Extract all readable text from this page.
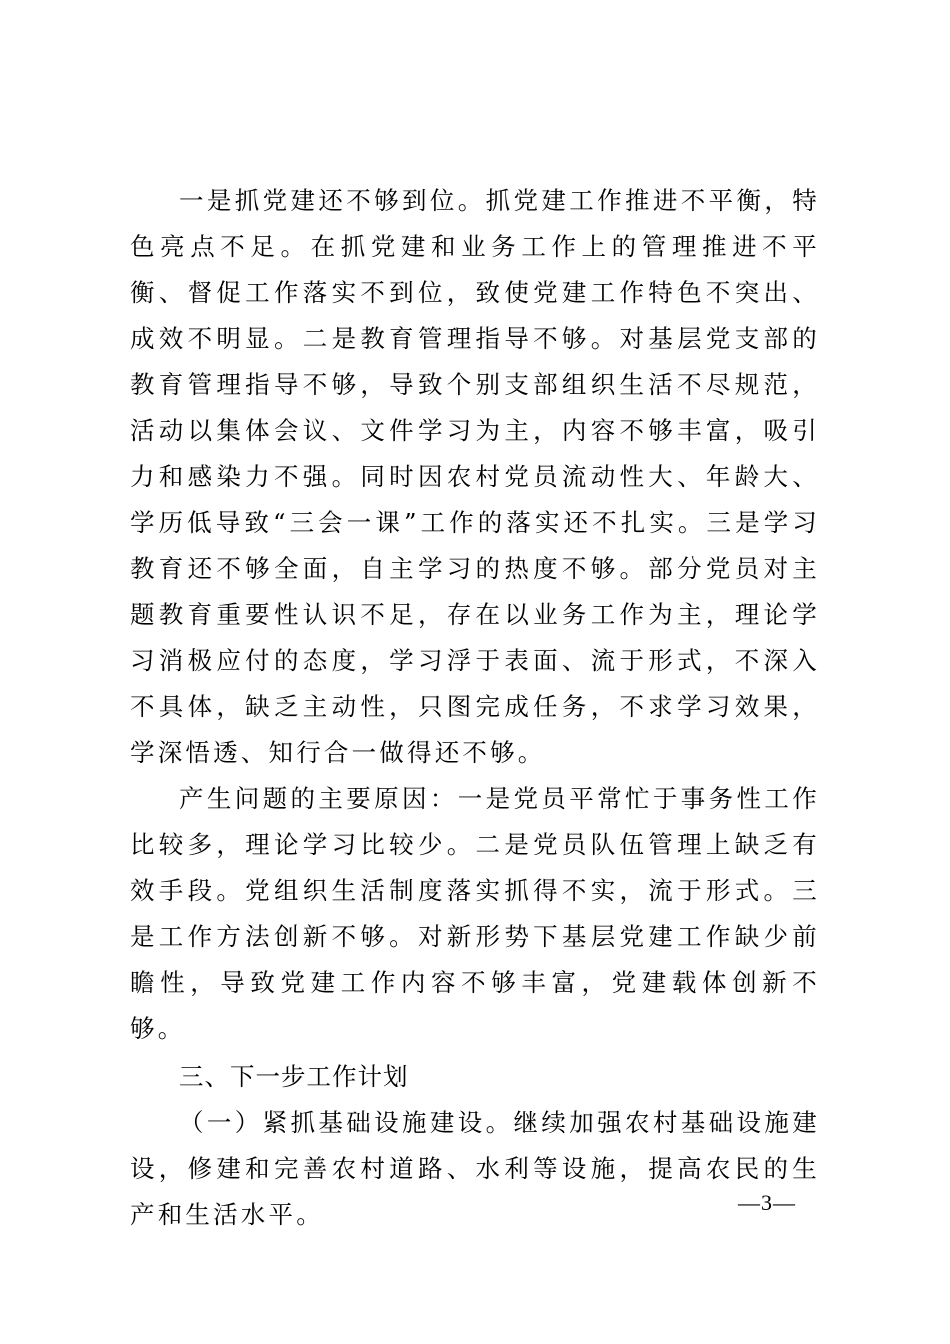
一是抓党建还不够到位。抓党建工作推进不平衡，特色亮点不足。在抓党建和业务工作上的管理推进不平衡、督促工作落实不到位，致使党建工作特色不突出、成效不明显。二是教育管理指导不够。对基层党支部的教育管理指导不够，导致个别支部组织生活不尽规范，活动以集体会议、文件学习为主，内容不够丰富，吸引力和感染力不强。同时因农村党员流动性大、年龄大、学历低导致“三会一课”工作的落实还不扎实。三是学习教育还不够全面，自主学习的热度不够。部分党员对主题教育重要性认识不足，存在以业务工作为主，理论学习消极应付的态度，学习浮于表面、流于形式，不深入不具体，缺乏主动性，只图完成任务，不求学习效果，学深悟透、知行合一做得还不够。

产生问题的主要原因：一是党员平常忙于事务性工作比较多，理论学习比较少。二是党员队伍管理上缺乏有效手段。党组织生活制度落实抓得不实，流于形式。三是工作方法创新不够。对新形势下基层党建工作缺少前瞻性，导致党建工作内容不够丰富，党建载体创新不够。

三、下一步工作计划

（一）紧抓基础设施建设。继续加强农村基础设施建设，修建和完善农村道路、水利等设施，提高农民的生产和生活水平。	—3—
